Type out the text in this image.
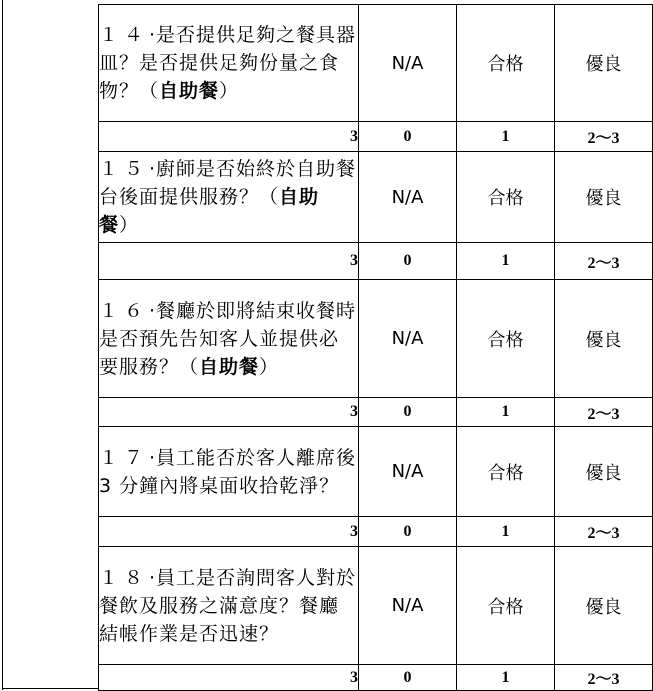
１４·是否提供足夠之餐具器皿？是否提供足夠份量之食物？（自助餐）	N/A	合格	優良
3	0	1	2～3
１５·廚師是否始終於自助餐台後面提供服務？（自助餐）	N/A	合格	優良
3	0	1	2～3
１６·餐廳於即將結束收餐時是否預先告知客人並提供必要服務？（自助餐）	N/A	合格	優良
3	0	1	2～3
１７·員工能否於客人離席後 3 分鐘內將桌面收拾乾淨？	N/A	合格	優良
3	0	1	2～3
１８·員工是否詢問客人對於餐飲及服務之滿意度？餐廳結帳作業是否迅速？	N/A	合格	優良
3	0	1	2～3
